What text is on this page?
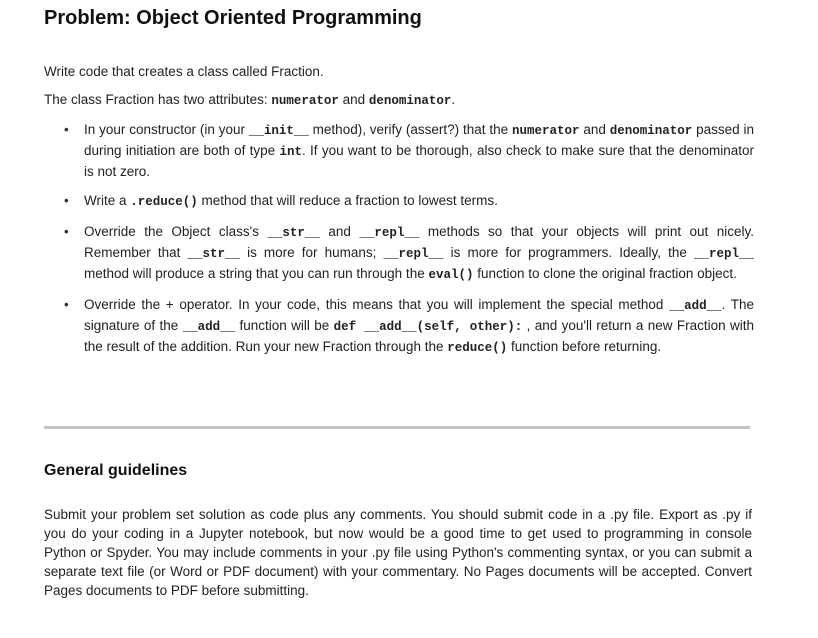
Problem: Object Oriented Programming

Write code that creates a class called Fraction.

The class Fraction has two attributes: numerator and denominator.

• In your constructor (in your __init__ method), verify (assert?) that the numerator and denominator passed in during initiation are both of type int. If you want to be thorough, also check to make sure that the denominator is not zero.
• Write a .reduce() method that will reduce a fraction to lowest terms.
• Override the Object class's __str__ and __repl__ methods so that your objects will print out nicely. Remember that __str__ is more for humans; __repl__ is more for programmers. Ideally, the __repl__ method will produce a string that you can run through the eval() function to clone the original fraction object.
• Override the + operator. In your code, this means that you will implement the special method __add__. The signature of the __add__ function will be def __add__(self, other): , and you'll return a new Fraction with the result of the addition. Run your new Fraction through the reduce() function before returning.
General guidelines

Submit your problem set solution as code plus any comments. You should submit code in a .py file. Export as .py if you do your coding in a Jupyter notebook, but now would be a good time to get used to programming in console Python or Spyder. You may include comments in your .py file using Python's commenting syntax, or you can submit a separate text file (or Word or PDF document) with your commentary. No Pages documents will be accepted. Convert Pages documents to PDF before submitting.
